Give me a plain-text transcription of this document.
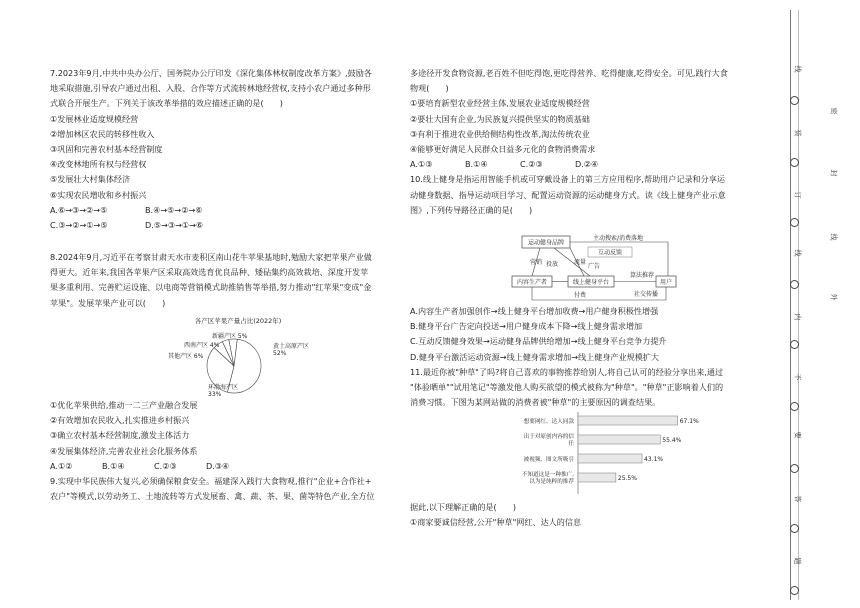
7.2023年9月,中共中央办公厅、国务院办公厅印发《深化集体林权制度改革方案》,鼓励各

地采取措施,引导农户通过出租、入股、合作等方式流转林地经营权,支持小农户通过多种形

式联合开展生产。下列关于该改革举措的效应描述正确的是(　　)

①发展林业适度规模经营

②增加林区农民的转移性收入

③巩固和完善农村基本经营制度

④改变林地所有权与经营权

⑤发展壮大村集体经济

⑥实现农民增收和乡村振兴

A.⑥→③→②→⑤	B.④→⑤→②→⑥

C.③→②→①→⑤	D.⑤→③→①→⑥

8.2024年9月,习近平在考察甘肃天水市麦积区南山花牛苹果基地时,勉励大家把苹果产业做

得更大。近年来,我国各苹果产区采取高效选育优良品种、矮砧集约高效栽培、深度开发苹

果多重利用、完善贮运设施、以电商等营销模式助推销售等举措,努力推动"红苹果"变成"金

苹果"。发展苹果产业可以(　　)

各产区苹果产量占比(2022年)
黄土高原产区
52%
环渤海产区
33%
其他产区 6%
西南产区 4%
新疆产区 5%

①优化苹果供给,推动一二三产业融合发展

②有效增加农民收入,扎实推进乡村振兴

③确立农村基本经营制度,激发主体活力

④发展集体经济,完善农业社会化服务体系

A.①②	B.①④	C.②③	D.③④

9.实现中华民族伟大复兴,必须确保粮食安全。福建深入践行大食物观,推行"企业+合作社+

农户"等模式,以劳动务工、土地流转等方式发展畜、禽、蔬、茶、果、菌等特色产业,全方位

多途径开发食物资源,老百姓不但吃得饱,更吃得营养、吃得健康,吃得安全。可见,践行大食

物观(　　)

①要培育新型农业经营主体,发展农业适度规模经营

②要壮大国有企业,为民族复兴提供坚实的物质基础

③有利于推进农业供给侧结构性改革,淘汰传统农业

④能够更好满足人民群众日益多元化的食物消费需求

A.①③	B.①④	C.②③	D.②④

10.线上健身是指运用智能手机或可穿戴设备上的第三方应用程序,帮助用户记录和分享运

动健身数据、指导运动项目学习、配置运动资源的运动健身方式。读《线上健身产业示意

图》,下列传导路径正确的是(　　)

运动健身品牌
主动搜索/消费落地
互动反馈
营销 投放	流量
广告
内容生产者	线上健身平台
算法推荐
用户
付费	社交传播

A.内容生产者加强创作→线上健身平台增加收费→用户健身积极性增强

B.健身平台广告定向投送→用户健身成本下降→线上健身需求增加

C.互动反馈健身效果→运动健身品牌供给增加→线上健身平台竞争力提升

D.健身平台激活运动资源→线上健身需求增加→线上健身产业规模扩大

11.最近你被"种草"了吗?将自己喜欢的事物推荐给别人,将自己认可的经验分享出来,通过

"体验晒单""试用笔记"等激发他人购买欲望的模式被称为"种草"。"种草"正影响着人们的

消费习惯。下图为某网站做的消费者被"种草"的主要原因的调查结果。

67.1%
想要网红、达人同款
55.4%
出于对原创内容的信
任
43.1%
被视频、图文所吸引
25.5%
不知道这是一种推广,
以为是纯粹的推荐

据此,以下理解正确的是(　　)

①商家要诚信经营,公开"种草"网红、达人的信息

线
装
订
线
内
不
要
答
题
密
封
线
外
